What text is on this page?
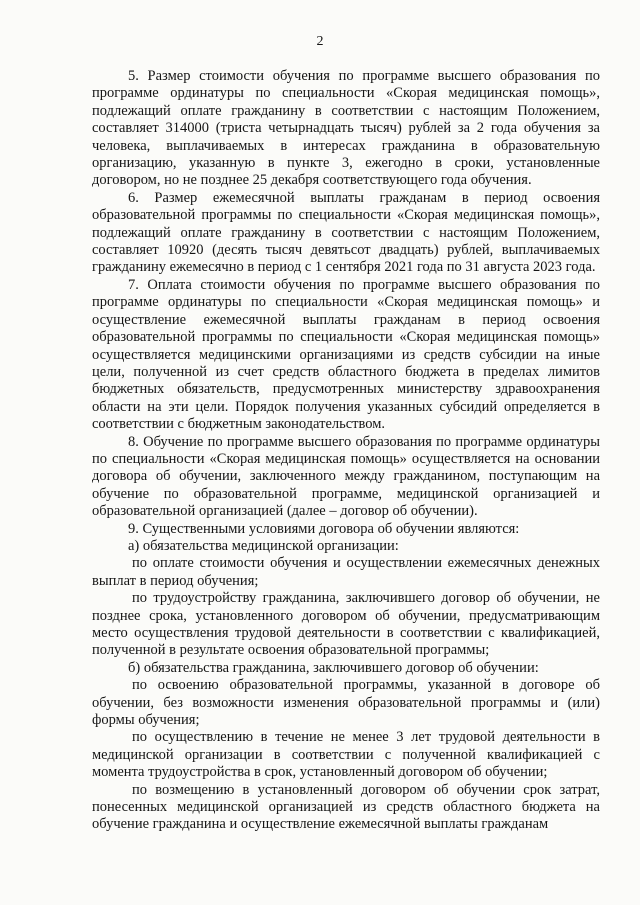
2

5. Размер стоимости обучения по программе высшего образования по программе ординатуры по специальности «Скорая медицинская помощь», подлежащий оплате гражданину в соответствии с настоящим Положением, составляет 314000 (триста четырнадцать тысяч) рублей за 2 года обучения за человека, выплачиваемых в интересах гражданина в образовательную организацию, указанную в пункте 3, ежегодно в сроки, установленные договором, но не позднее 25 декабря соответствующего года обучения.

6. Размер ежемесячной выплаты гражданам в период освоения образовательной программы по специальности «Скорая медицинская помощь», подлежащий оплате гражданину в соответствии с настоящим Положением, составляет 10920 (десять тысяч девятьсот двадцать) рублей, выплачиваемых гражданину ежемесячно в период с 1 сентября 2021 года по 31 августа 2023 года.

7. Оплата стоимости обучения по программе высшего образования по программе ординатуры по специальности «Скорая медицинская помощь» и осуществление ежемесячной выплаты гражданам в период освоения образовательной программы по специальности «Скорая медицинская помощь» осуществляется медицинскими организациями из средств субсидии на иные цели, полученной из счет средств областного бюджета в пределах лимитов бюджетных обязательств, предусмотренных министерству здравоохранения области на эти цели. Порядок получения указанных субсидий определяется в соответствии с бюджетным законодательством.

8. Обучение по программе высшего образования по программе ординатуры по специальности «Скорая медицинская помощь» осуществляется на основании договора об обучении, заключенного между гражданином, поступающим на обучение по образовательной программе, медицинской организацией и образовательной организацией (далее – договор об обучении).

9. Существенными условиями договора об обучении являются:

а) обязательства медицинской организации:

по оплате стоимости обучения и осуществлении ежемесячных денежных выплат в период обучения;

по трудоустройству гражданина, заключившего договор об обучении, не позднее срока, установленного договором об обучении, предусматривающим место осуществления трудовой деятельности в соответствии с квалификацией, полученной в результате освоения образовательной программы;

б) обязательства гражданина, заключившего договор об обучении:

по освоению образовательной программы, указанной в договоре об обучении, без возможности изменения образовательной программы и (или) формы обучения;

по осуществлению в течение не менее 3 лет трудовой деятельности в медицинской организации в соответствии с полученной квалификацией с момента трудоустройства в срок, установленный договором об обучении;

по возмещению в установленный договором об обучении срок затрат, понесенных медицинской организацией из средств областного бюджета на обучение гражданина и осуществление ежемесячной выплаты гражданам
